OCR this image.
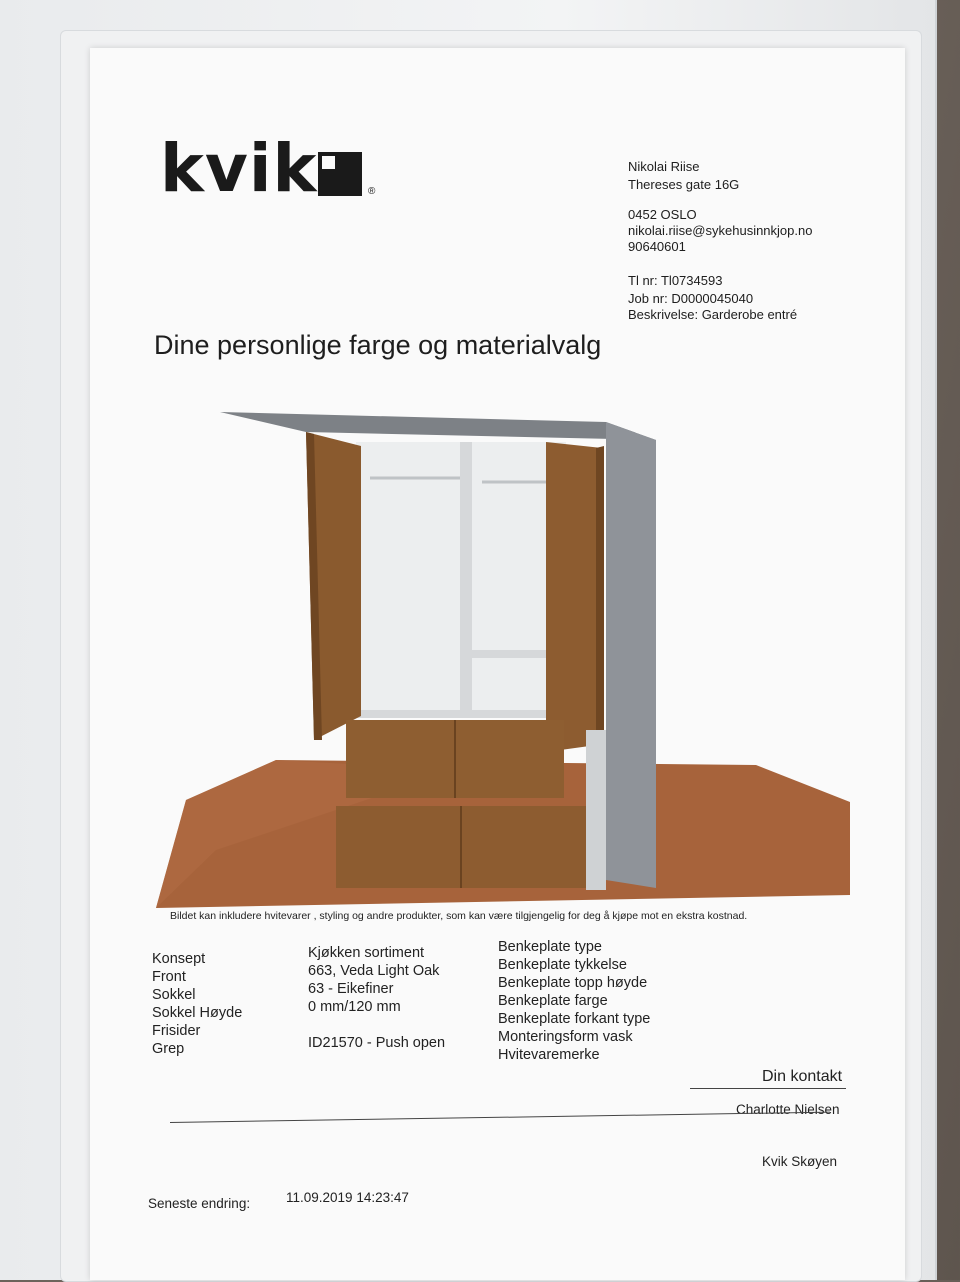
kvik	®
Nikolai Riise
Thereses gate 16G
0452 OSLO
nikolai.riise@sykehusinnkjop.no
90640601
Tl nr: Tl0734593
Job nr: D0000045040
Beskrivelse: Garderobe entré
Dine personlige farge og materialvalg
Bildet kan inkludere hvitevarer , styling og andre produkter, som kan være tilgjengelig for deg å kjøpe mot en ekstra kostnad.
Konsept
Front
Sokkel
Sokkel Høyde
Frisider
Grep
Kjøkken sortiment
663, Veda Light Oak
63 - Eikefiner
0 mm/120 mm
ID21570 - Push open
Benkeplate type
Benkeplate tykkelse
Benkeplate topp høyde
Benkeplate farge
Benkeplate forkant type
Monteringsform vask
Hvitevaremerke
Din kontakt
Charlotte Nielsen
Kvik Skøyen
Seneste endring:	11.09.2019 14:23:47
